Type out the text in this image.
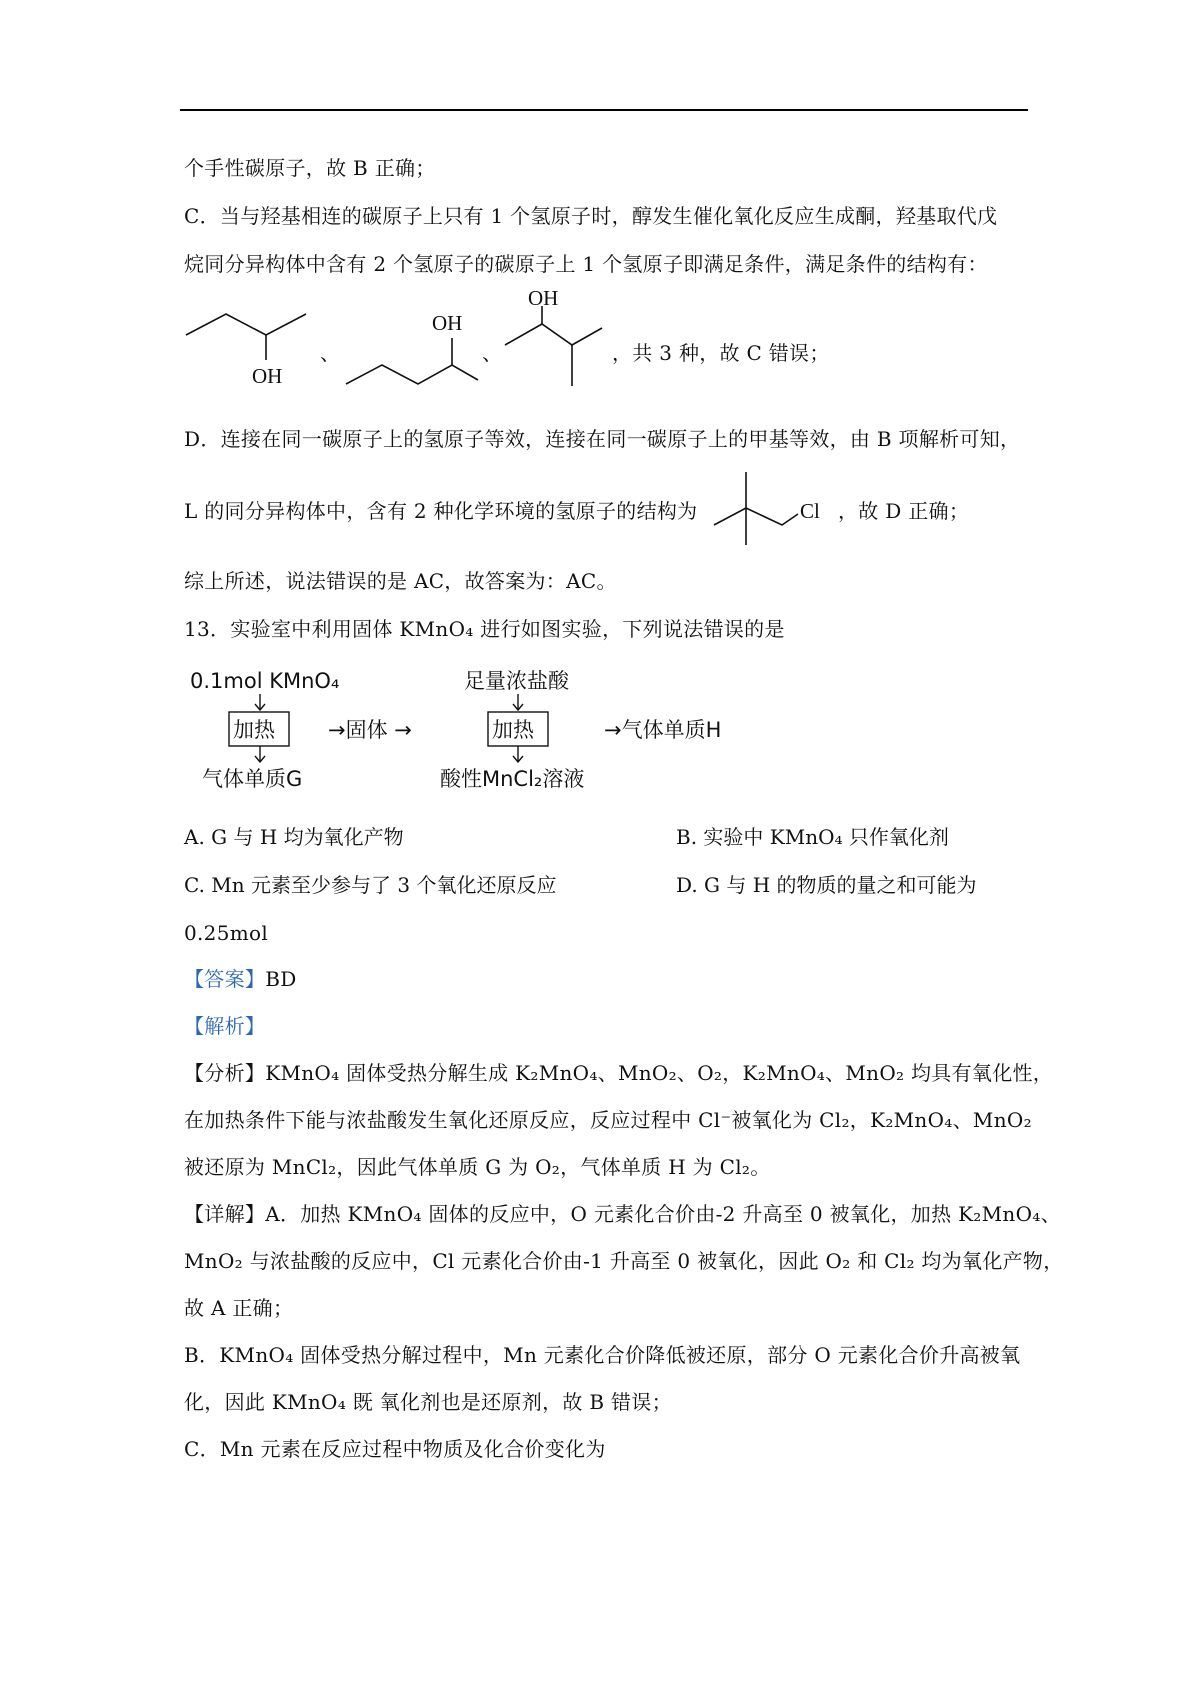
个手性碳原子，故 B 正确；
C．当与羟基相连的碳原子上只有 1 个氢原子时，醇发生催化氧化反应生成酮，羟基取代戊
烷同分异构体中含有 2 个氢原子的碳原子上 1 个氢原子即满足条件，满足条件的结构有：
OH
、
OH
、
OH
，共 3 种，故 C 错误；
D．连接在同一碳原子上的氢原子等效，连接在同一碳原子上的甲基等效，由 B 项解析可知，
L 的同分异构体中，含有 2 种化学环境的氢原子的结构为	Cl ，故 D 正确；
综上所述，说法错误的是 AC，故答案为：AC。
13．实验室中利用固体 KMnO₄ 进行如图实验，下列说法错误的是
0.1mol KMnO₄
加热
气体单质G
→固体 →
足量浓盐酸
加热
酸性MnCl₂溶液
→气体单质H
A. G 与 H 均为氧化产物	B. 实验中 KMnO₄ 只作氧化剂
C. Mn 元素至少参与了 3 个氧化还原反应	D. G 与 H 的物质的量之和可能为
0.25mol
【答案】BD
【解析】
【分析】KMnO₄ 固体受热分解生成 K₂MnO₄、MnO₂、O₂，K₂MnO₄、MnO₂ 均具有氧化性，
在加热条件下能与浓盐酸发生氧化还原反应，反应过程中 Cl⁻被氧化为 Cl₂，K₂MnO₄、MnO₂
被还原为 MnCl₂，因此气体单质 G 为 O₂，气体单质 H 为 Cl₂。
【详解】A．加热 KMnO₄ 固体的反应中，O 元素化合价由-2 升高至 0 被氧化，加热 K₂MnO₄、
MnO₂ 与浓盐酸的反应中，Cl 元素化合价由-1 升高至 0 被氧化，因此 O₂ 和 Cl₂ 均为氧化产物，
故 A 正确；
B．KMnO₄ 固体受热分解过程中，Mn 元素化合价降低被还原，部分 O 元素化合价升高被氧
化，因此 KMnO₄ 既 氧化剂也是还原剂，故 B 错误；
C．Mn 元素在反应过程中物质及化合价变化为
